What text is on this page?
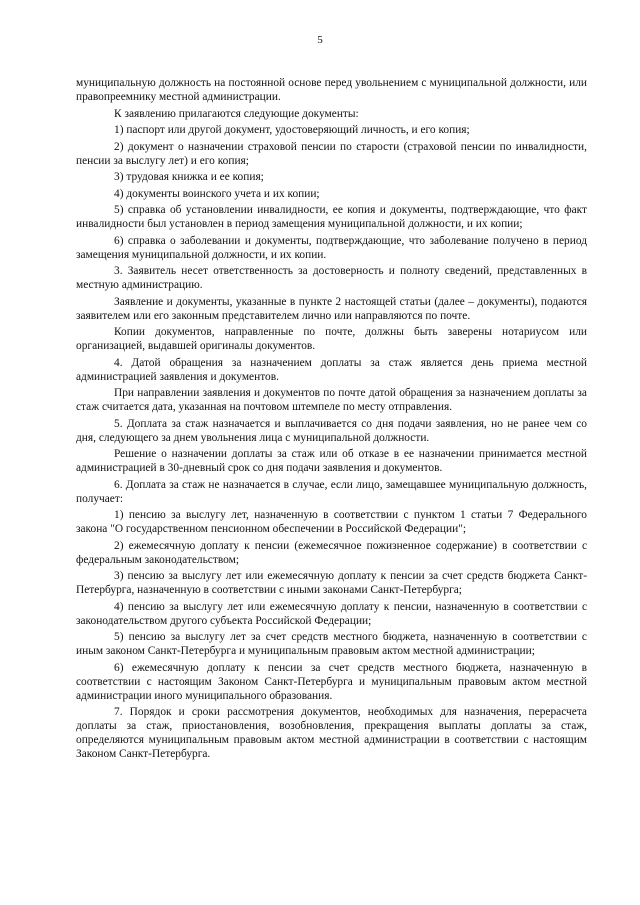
5

муниципальную должность на постоянной основе перед увольнением с муниципальной должности, или правопреемнику местной администрации.

К заявлению прилагаются следующие документы:

1) паспорт или другой документ, удостоверяющий личность, и его копия;

2) документ о назначении страховой пенсии по старости (страховой пенсии по инвалидности, пенсии за выслугу лет) и его копия;

3) трудовая книжка и ее копия;

4) документы воинского учета и их копии;

5) справка об установлении инвалидности, ее копия и документы, подтверждающие, что факт инвалидности был установлен в период замещения муниципальной должности, и их копии;

6) справка о заболевании и документы, подтверждающие, что заболевание получено в период замещения муниципальной должности, и их копии.

3. Заявитель несет ответственность за достоверность и полноту сведений, представленных в местную администрацию.

Заявление и документы, указанные в пункте 2 настоящей статьи (далее – документы), подаются заявителем или его законным представителем лично или направляются по почте.

Копии документов, направленные по почте, должны быть заверены нотариусом или организацией, выдавшей оригиналы документов.

4. Датой обращения за назначением доплаты за стаж является день приема местной администрацией заявления и документов.

При направлении заявления и документов по почте датой обращения за назначением доплаты за стаж считается дата, указанная на почтовом штемпеле по месту отправления.

5. Доплата за стаж назначается и выплачивается со дня подачи заявления, но не ранее чем со дня, следующего за днем увольнения лица с муниципальной должности.

Решение о назначении доплаты за стаж или об отказе в ее назначении принимается местной администрацией в 30-дневный срок со дня подачи заявления и документов.

6. Доплата за стаж не назначается в случае, если лицо, замещавшее муниципальную должность, получает:

1) пенсию за выслугу лет, назначенную в соответствии с пунктом 1 статьи 7 Федерального закона "О государственном пенсионном обеспечении в Российской Федерации";

2) ежемесячную доплату к пенсии (ежемесячное пожизненное содержание) в соответствии с федеральным законодательством;

3) пенсию за выслугу лет или ежемесячную доплату к пенсии за счет средств бюджета Санкт-Петербурга, назначенную в соответствии с иными законами Санкт-Петербурга;

4) пенсию за выслугу лет или ежемесячную доплату к пенсии, назначенную в соответствии с законодательством другого субъекта Российской Федерации;

5) пенсию за выслугу лет за счет средств местного бюджета, назначенную в соответствии с иным законом Санкт-Петербурга и муниципальным правовым актом местной администрации;

6) ежемесячную доплату к пенсии за счет средств местного бюджета, назначенную в соответствии с настоящим Законом Санкт-Петербурга и муниципальным правовым актом местной администрации иного муниципального образования.

7. Порядок и сроки рассмотрения документов, необходимых для назначения, перерасчета доплаты за стаж, приостановления, возобновления, прекращения выплаты доплаты за стаж, определяются муниципальным правовым актом местной администрации в соответствии с настоящим Законом Санкт-Петербурга.
